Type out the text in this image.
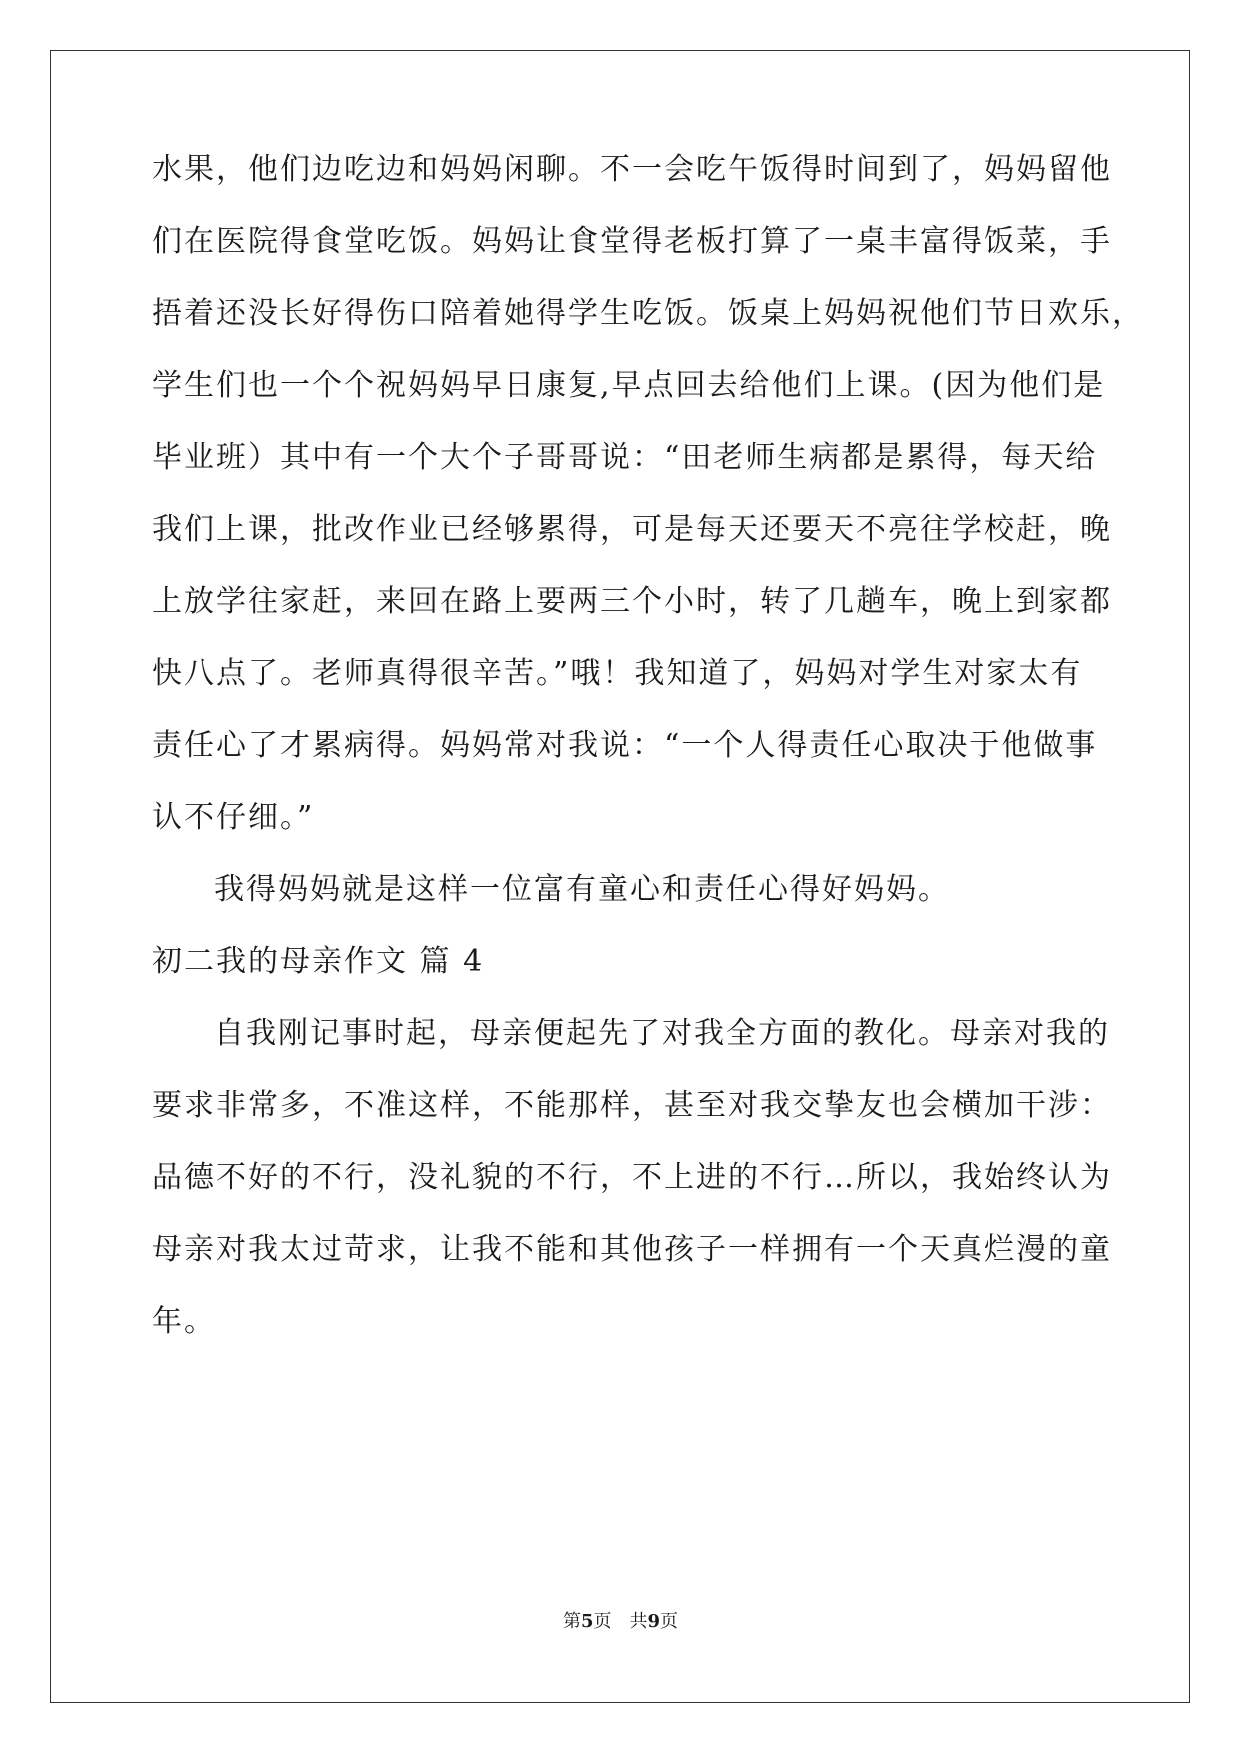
水果，他们边吃边和妈妈闲聊。不一会吃午饭得时间到了，妈妈留他
们在医院得食堂吃饭。妈妈让食堂得老板打算了一桌丰富得饭菜，手
捂着还没长好得伤口陪着她得学生吃饭。饭桌上妈妈祝他们节日欢乐，
学生们也一个个祝妈妈早日康复,早点回去给他们上课。(因为他们是
毕业班）其中有一个大个子哥哥说：“田老师生病都是累得，每天给
我们上课，批改作业已经够累得，可是每天还要天不亮往学校赶，晚
上放学往家赶，来回在路上要两三个小时，转了几趟车，晚上到家都
快八点了。老师真得很辛苦。”哦！我知道了，妈妈对学生对家太有
责任心了才累病得。妈妈常对我说：“一个人得责任心取决于他做事
认不仔细。”
我得妈妈就是这样一位富有童心和责任心得好妈妈。
初二我的母亲作文 篇 4
自我刚记事时起，母亲便起先了对我全方面的教化。母亲对我的
要求非常多，不准这样，不能那样，甚至对我交挚友也会横加干涉：
品德不好的不行，没礼貌的不行，不上进的不行…所以，我始终认为
母亲对我太过苛求，让我不能和其他孩子一样拥有一个天真烂漫的童
年。
第5页　共9页
